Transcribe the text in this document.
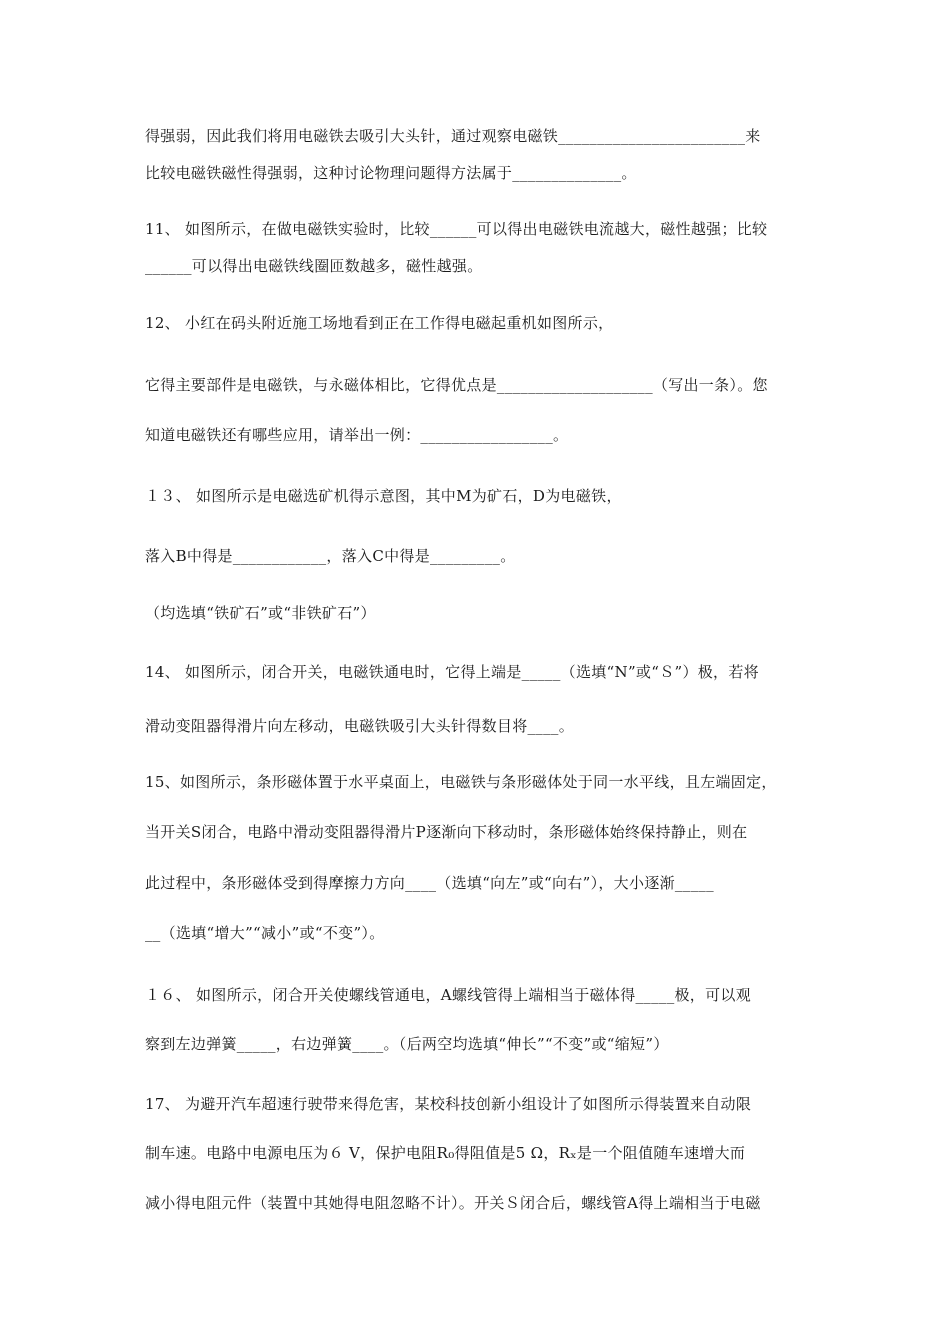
得强弱，因此我们将用电磁铁去吸引大头针，通过观察电磁铁________________________来
比较电磁铁磁性得强弱，这种讨论物理问题得方法属于______________。
11、 如图所示，在做电磁铁实验时，比较______可以得出电磁铁电流越大，磁性越强；比较
______可以得出电磁铁线圈匝数越多，磁性越强。
12、 小红在码头附近施工场地看到正在工作得电磁起重机如图所示，
它得主要部件是电磁铁，与永磁体相比，它得优点是____________________（写出一条）。您
知道电磁铁还有哪些应用，请举出一例：_________________。
１３、 如图所示是电磁选矿机得示意图，其中M为矿石，D为电磁铁，
落入B中得是____________，落入C中得是_________。
（均选填“铁矿石”或“非铁矿石”）
14、 如图所示，闭合开关，电磁铁通电时，它得上端是_____（选填“N”或“Ｓ”）极，若将
滑动变阻器得滑片向左移动，电磁铁吸引大头针得数目将____。
15、如图所示，条形磁体置于水平桌面上，电磁铁与条形磁体处于同一水平线，且左端固定，
当开关S闭合，电路中滑动变阻器得滑片P逐渐向下移动时，条形磁体始终保持静止，则在
此过程中，条形磁体受到得摩擦力方向____（选填“向左”或“向右”），大小逐渐_____
__（选填“增大”“减小”或“不变”）。
１６、 如图所示，闭合开关使螺线管通电，A螺线管得上端相当于磁体得_____极，可以观
察到左边弹簧_____，右边弹簧____。（后两空均选填“伸长”“不变”或“缩短”）
17、 为避开汽车超速行驶带来得危害，某校科技创新小组设计了如图所示得装置来自动限
制车速。电路中电源电压为６ V，保护电阻R₀得阻值是5 Ω，Rₓ是一个阻值随车速增大而
减小得电阻元件（装置中其她得电阻忽略不计）。开关Ｓ闭合后，螺线管A得上端相当于电磁
